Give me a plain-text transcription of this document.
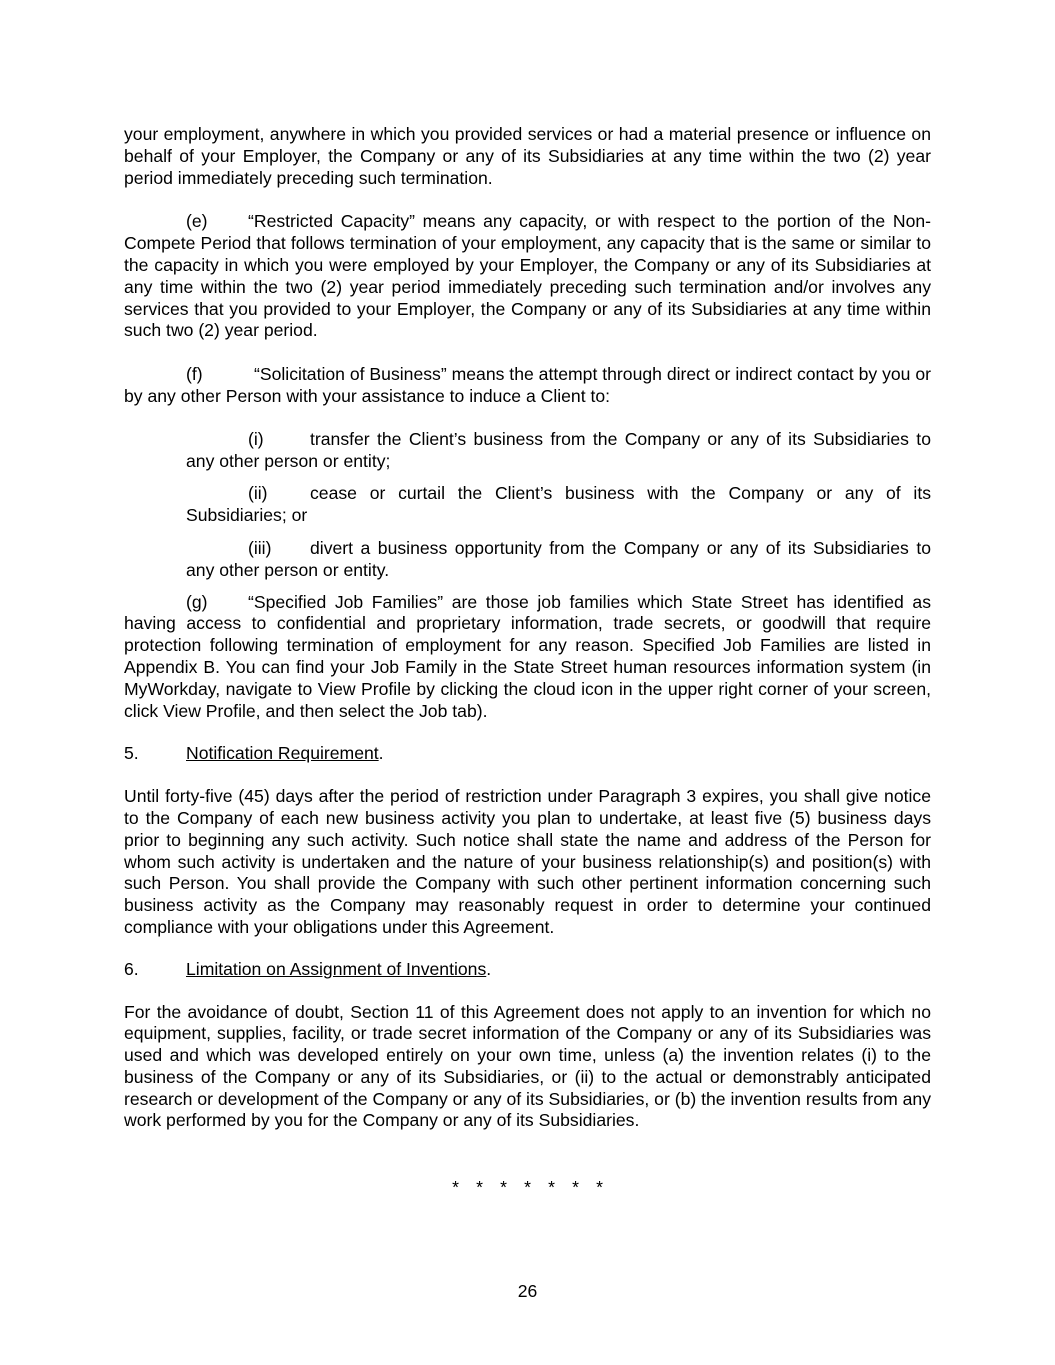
your employment, anywhere in which you provided services or had a material presence or influence on behalf of your Employer, the Company or any of its Subsidiaries at any time within the two (2) year period immediately preceding such termination.

(e) “Restricted Capacity” means any capacity, or with respect to the portion of the Non-Compete Period that follows termination of your employment, any capacity that is the same or similar to the capacity in which you were employed by your Employer, the Company or any of its Subsidiaries at any time within the two (2) year period immediately preceding such termination and/or involves any services that you provided to your Employer, the Company or any of its Subsidiaries at any time within such two (2) year period.

(f)	“Solicitation of Business” means the attempt through direct or indirect contact by you or by any other Person with your assistance to induce a Client to:

(i)	transfer the Client’s business from the Company or any of its Subsidiaries to any other person or entity;

(ii) cease or curtail the Client’s business with the Company or any of its Subsidiaries; or

(iii) divert a business opportunity from the Company or any of its Subsidiaries to any other person or entity.

(g) “Specified Job Families” are those job families which State Street has identified as having access to confidential and proprietary information, trade secrets, or goodwill that require protection following termination of employment for any reason. Specified Job Families are listed in Appendix B. You can find your Job Family in the State Street human resources information system (in MyWorkday, navigate to View Profile by clicking the cloud icon in the upper right corner of your screen, click View Profile, and then select the Job tab).

5.	Notification Requirement.

Until forty-five (45) days after the period of restriction under Paragraph 3 expires, you shall give notice to the Company of each new business activity you plan to undertake, at least five (5) business days prior to beginning any such activity. Such notice shall state the name and address of the Person for whom such activity is undertaken and the nature of your business relationship(s) and position(s) with such Person. You shall provide the Company with such other pertinent information concerning such business activity as the Company may reasonably request in order to determine your continued compliance with your obligations under this Agreement.

6.	Limitation on Assignment of Inventions.

For the avoidance of doubt, Section 11 of this Agreement does not apply to an invention for which no equipment, supplies, facility, or trade secret information of the Company or any of its Subsidiaries was used and which was developed entirely on your own time, unless (a) the invention relates (i) to the business of the Company or any of its Subsidiaries, or (ii) to the actual or demonstrably anticipated research or development of the Company or any of its Subsidiaries, or (b) the invention results from any work performed by you for the Company or any of its Subsidiaries.

* * * * * * *
26
